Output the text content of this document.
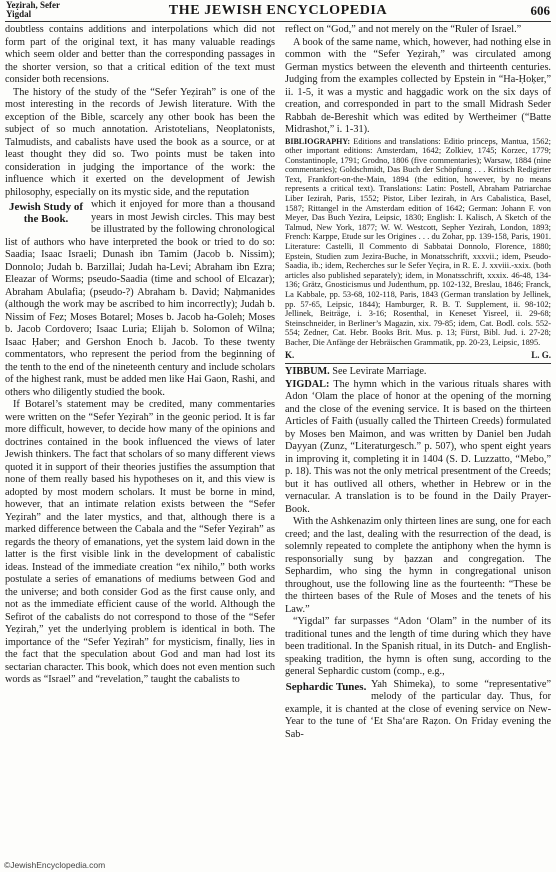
Yeẓirah, Sefer
Yigdal	THE JEWISH ENCYCLOPEDIA	606

doubtless contains additions and interpolations which did not form part of the original text, it has many valuable readings which seem older and better than the corresponding passages in the shorter version, so that a critical edition of the text must consider both recensions.

The history of the study of the “Sefer Yeẓirah” is one of the most interesting in the records of Jewish literature. With the exception of the Bible, scarcely any other book has been the subject of so much annotation. Aristotelians, Neoplatonists, Talmudists, and cabalists have used the book as a source, or at least thought they did so. Two points must be taken into consideration in judging the importance of the work: the influence which it exerted on the development of Jewish philosophy, especially on its mystic side, and the reputation

Jewish Study of the Book.
which it enjoyed for more than a thousand years in most Jewish circles. This may best be illustrated by the following chronological list of authors who have interpreted the book or tried to do so: Saadia; Isaac Israeli; Dunash ibn Tamim (Jacob b. Nissim); Donnolo; Judah b. Barzillai; Judah ha-Levi; Abraham ibn Ezra; Eleazar of Worms; pseudo-Saadia (time and school of Elcazar); Abraham Abulafia; (pseudo-?) Abraham b. David; Naḥmanides (although the work may be ascribed to him incorrectly); Judah b. Nissim of Fez; Moses Botarel; Moses b. Jacob ha-Goleh; Moses b. Jacob Cordovero; Isaac Luria; Elijah b. Solomon of Wilna; Isaac Ḥaber; and Gershon Enoch b. Jacob. To these twenty commentators, who represent the period from the beginning of the tenth to the end of the nineteenth century and include scholars of the highest rank, must be added men like Hai Gaon, Rashi, and others who diligently studied the book.

If Botarel’s statement may be credited, many commentaries were written on the “Sefer Yeẓirah” in the geonic period. It is far more difficult, however, to decide how many of the opinions and doctrines contained in the book influenced the views of later Jewish thinkers. The fact that scholars of so many different views quoted it in support of their theories justifies the assumption that none of them really based his hypotheses on it, and this view is adopted by most modern scholars. It must be borne in mind, however, that an intimate relation exists between the “Sefer Yeẓirah” and the later mystics, and that, although there is a marked difference between the Cabala and the “Sefer Yeẓirah” as regards the theory of emanations, yet the system laid down in the latter is the first visible link in the development of cabalistic ideas. Instead of the immediate creation “ex nihilo,” both works postulate a series of emanations of mediums between God and the universe; and both consider God as the first cause only, and not as the immediate efficient cause of the world. Although the Sefirot of the cabalists do not correspond to those of the “Sefer Yeẓirah,” yet the underlying problem is identical in both. The importance of the “Sefer Yeẓirah” for mysticism, finally, lies in the fact that the speculation about God and man had lost its sectarian character. This book, which does not even mention such words as “Israel” and “revelation,” taught the cabalists to

reflect on “God,” and not merely on the “Ruler of Israel.”

A book of the same name, which, however, had nothing else in common with the “Sefer Yeẓirah,” was circulated among German mystics between the eleventh and thirteenth centuries. Judging from the examples collected by Epstein in “Ha-Ḥoḳer,” ii. 1-5, it was a mystic and haggadic work on the six days of creation, and corresponded in part to the small Midrash Seder Rabbah de-Bereshit which was edited by Wertheimer (“Batte Midrashot,” i. 1-31).

BIBLIOGRAPHY: Editions and translations: Editio princeps, Mantua, 1562; other important editions: Amsterdam, 1642; Zolkiev, 1745; Korzec, 1779; Constantinople, 1791; Grodno, 1806 (five commentaries); Warsaw, 1884 (nine commentaries); Goldschmidt, Das Buch der Schöpfung . . . Kritisch Redigirter Text, Frankfort-on-the-Main, 1894 (the edition, however, by no means represents a critical text). Translations: Latin: Postell, Abraham Patriarchae Liber Iezirah, Paris, 1552; Pistor, Liber Iezirah, in Ars Cabalistica, Basel, 1587; Rittangel in the Amsterdam edition of 1642; German: Johann F. von Meyer, Das Buch Yezira, Leipsic, 1830; English: I. Kalisch, A Sketch of the Talmud, New York, 1877; W. W. Westcott, Sepher Yezirah, London, 1893; French: Karppe, Etude sur les Origines . . . du Zohar, pp. 139-158, Paris, 1901. Literature: Castelli, Il Commento di Sabbatai Donnolo, Florence, 1880; Epstein, Studien zum Jezira-Buche, in Monatsschrift, xxxvii.; idem, Pseudo-Saadia, ib.; idem, Recherches sur le Sefer Yeçira, in R. E. J. xxviii.-xxix. (both articles also published separately); idem, in Monatsschrift, xxxix. 46-48, 134-136; Grätz, Gnosticismus und Judenthum, pp. 102-132, Breslau, 1846; Franck, La Kabbale, pp. 53-68, 102-118, Paris, 1843 (German translation by Jellinek, pp. 57-65, Leipsic, 1844); Hamburger, R. B. T. Supplement, ii. 98-102; Jellinek, Beiträge, i. 3-16; Rosenthal, in Keneset Yisreel, ii. 29-68; Steinschneider, in Berliner’s Magazin, xix. 79-85; idem, Cat. Bodl. cols. 552-554; Zedner, Cat. Hebr. Books Brit. Mus. p. 13; Fürst, Bibl. Jud. i. 27-28; Bacher, Die Anfänge der Hebräischen Grammatik, pp. 20-23, Leipsic, 1895.
K.	L. G.

YIBBUM. See Levirate Marriage.

YIGDAL: The hymn which in the various rituals shares with Adon ‘Olam the place of honor at the opening of the morning and the close of the evening service. It is based on the thirteen Articles of Faith (usually called the Thirteen Creeds) formulated by Moses ben Maimon, and was written by Daniel ben Judah Dayyan (Zunz, “Literaturgesch.” p. 507), who spent eight years in improving it, completing it in 1404 (S. D. Luzzatto, “Mebo,” p. 18). This was not the only metrical presentment of the Creeds; but it has outlived all others, whether in Hebrew or in the vernacular. A translation is to be found in the Daily Prayer-Book.

With the Ashkenazim only thirteen lines are sung, one for each creed; and the last, dealing with the resurrection of the dead, is solemnly repeated to complete the antiphony when the hymn is responsorially sung by ḥazzan and congregation. The Sephardim, who sing the hymn in congregational unison throughout, use the following line as the fourteenth: “These be the thirteen bases of the Rule of Moses and the tenets of his Law.”

“Yigdal” far surpasses “Adon ‘Olam” in the number of its traditional tunes and the length of time during which they have been traditional. In the Spanish ritual, in its Dutch- and English-speaking tradition, the hymn is often sung, according to the general Sephardic custom (comp., e.g.,

Sephardic Tunes. Yah Shimeka), to some “representative” melody of the particular day. Thus, for example, it is chanted at the close of evening service on New-Year to the tune of ‘Et Sha‘are Raẓon. On Friday evening the Sab-

©JewishEncyclopedia.com
